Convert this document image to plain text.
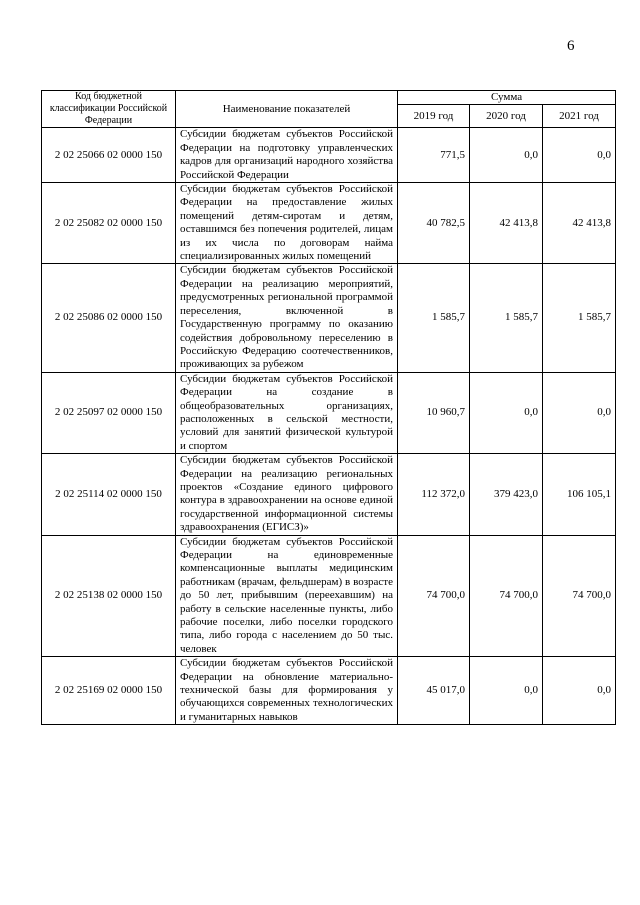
6
Код бюджетной классификации Российской Федерации	Наименование показателей	Сумма		
		2019 год	2020 год	2021 год
2 02 25066 02 0000 150	Субсидии бюджетам субъектов Российской Федерации на подготовку управленческих кадров для организаций народного хозяйства Российской Федерации	771,5	0,0	0,0
2 02 25082 02 0000 150	Субсидии бюджетам субъектов Российской Федерации на предоставление жилых помещений детям-сиротам и детям, оставшимся без попечения родителей, лицам из их числа по договорам найма специализированных жилых помещений	40 782,5	42 413,8	42 413,8
2 02 25086 02 0000 150	Субсидии бюджетам субъектов Российской Федерации на реализацию мероприятий, предусмотренных региональной программой переселения, включенной в Государственную программу по оказанию содействия добровольному переселению в Российскую Федерацию соотечественников, проживающих за рубежом	1 585,7	1 585,7	1 585,7
2 02 25097 02 0000 150	Субсидии бюджетам субъектов Российской Федерации на создание в общеобразовательных организациях, расположенных в сельской местности, условий для занятий физической культурой и спортом	10 960,7	0,0	0,0
2 02 25114 02 0000 150	Субсидии бюджетам субъектов Российской Федерации на реализацию региональных проектов «Создание единого цифрового контура в здравоохранении на основе единой государственной информационной системы здравоохранения (ЕГИСЗ)»	112 372,0	379 423,0	106 105,1
2 02 25138 02 0000 150	Субсидии бюджетам субъектов Российской Федерации на единовременные компенсационные выплаты медицинским работникам (врачам, фельдшерам) в возрасте до 50 лет, прибывшим (переехавшим) на работу в сельские населенные пункты, либо рабочие поселки, либо поселки городского типа, либо города с населением до 50 тыс. человек	74 700,0	74 700,0	74 700,0
2 02 25169 02 0000 150	Субсидии бюджетам субъектов Российской Федерации на обновление материально-технической базы для формирования у обучающихся современных технологических и гуманитарных навыков	45 017,0	0,0	0,0
